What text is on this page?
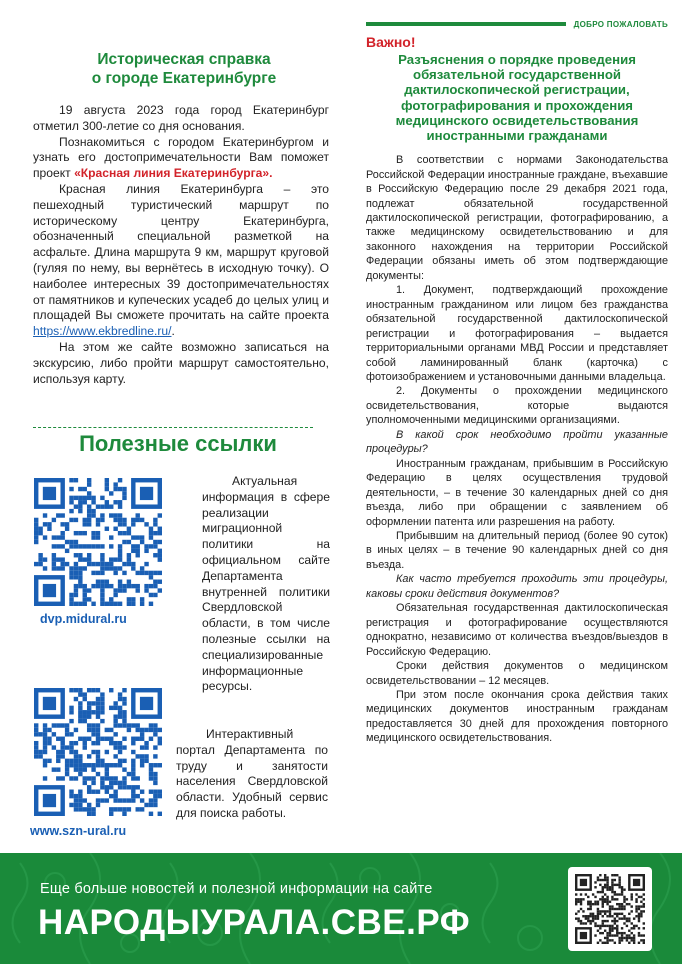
ДОБРО ПОЖАЛОВАТЬ
Историческая справка
о городе Екатеринбурге

19 августа 2023 года город Екатеринбург отметил 300-летие со дня основания.

Познакомиться с городом Екатеринбургом и узнать его достопримечательности Вам поможет проект «Красная линия Екатеринбурга».

Красная линия Екатеринбурга – это пешеходный туристический маршрут по историческому центру Екатеринбурга, обозначенный специальной разметкой на асфальте. Длина маршрута 9 км, маршрут круговой (гуляя по нему, вы вернётесь в исходную точку). О наиболее интересных 39 достопримечательностях от памятников и купеческих усадеб до целых улиц и площадей Вы сможете прочитать на сайте проекта https://www.ekbredline.ru/.

На этом же сайте возможно записаться на экскурсию, либо пройти маршрут самостоятельно, используя карту.

Полезные ссылки
dvp.midural.ru

Актуальная информация в сфере реализации миграционной политики на официальном сайте Департамента внутренней политики Свердловской области, в том числе полезные ссылки на специализированные информационные ресурсы.

www.szn-ural.ru

Интерактивный портал Департамента по труду и занятости населения Свердловской области. Удобный сервис для поиска работы.

Важно!
Разъяснения о порядке проведения обязательной государственной дактилоскопической регистрации, фотографирования и прохождения медицинского освидетельствования иностранными гражданами

В соответствии с нормами Законодательства Российской Федерации иностранные граждане, въехавшие в Российскую Федерацию после 29 декабря 2021 года, подлежат обязательной государственной дактилоскопической регистрации, фотографированию, а также медицинскому освидетельствованию и для законного нахождения на территории Российской Федерации обязаны иметь об этом подтверждающие документы:

1. Документ, подтверждающий прохождение иностранным гражданином или лицом без гражданства обязательной государственной дактилоскопической регистрации и фотографирования – выдается территориальными органами МВД России и представляет собой ламинированный бланк (карточка) с фотоизображением и установочными данными владельца.

2. Документы о прохождении медицинского освидетельствования, которые выдаются уполномоченными медицинскими организациями.

В какой срок необходимо пройти указанные процедуры?

Иностранным гражданам, прибывшим в Российскую Федерацию в целях осуществления трудовой деятельности, – в течение 30 календарных дней со дня въезда, либо при обращении с заявлением об оформлении патента или разрешения на работу.

Прибывшим на длительный период (более 90 суток) в иных целях – в течение 90 календарных дней со дня въезда.

Как часто требуется проходить эти процедуры, каковы сроки действия документов?

Обязательная государственная дактилоскопическая регистрация и фотографирование осуществляются однократно, независимо от количества въездов/выездов в Российскую Федерацию.

Сроки действия документов о медицинском освидетельствовании – 12 месяцев.

При этом после окончания срока действия таких медицинских документов иностранным гражданам предоставляется 30 дней для прохождения повторного медицинского освидетельствования.

Еще больше новостей и полезной информации на сайте
НАРОДЫУРАЛА.СВЕ.РФ
